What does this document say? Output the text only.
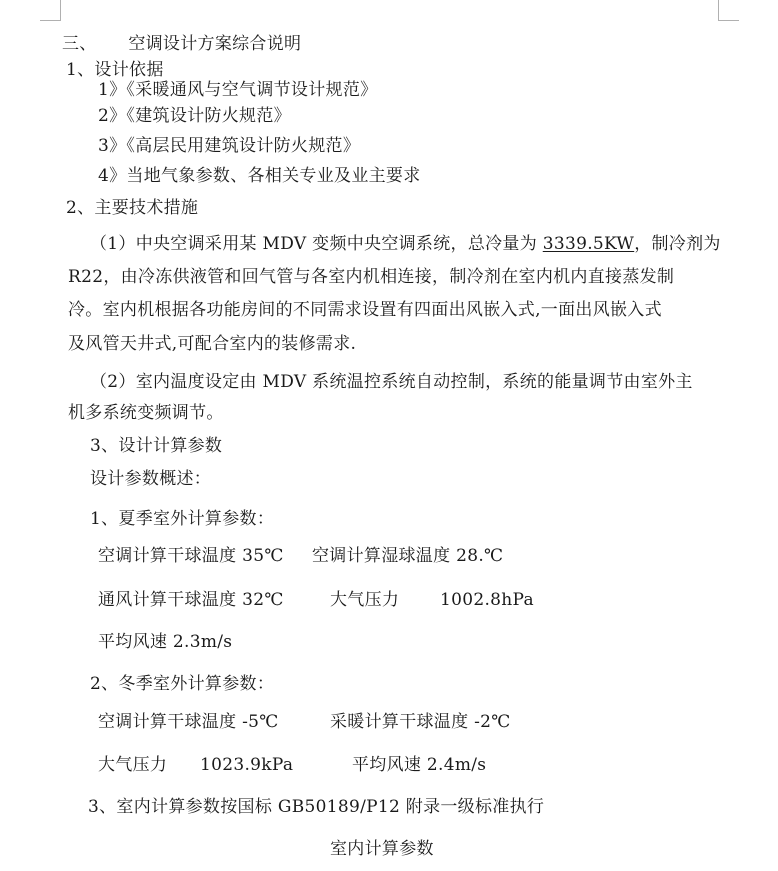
三、 空调设计方案综合说明
1、设计依据
1》《采暖通风与空气调节设计规范》
2》《建筑设计防火规范》
3》《高层民用建筑设计防火规范》
4》当地气象参数、各相关专业及业主要求
2、主要技术措施
（1）中央空调采用某 MDV 变频中央空调系统，总冷量为 3339.5KW，制冷剂为
R22，由冷冻供液管和回气管与各室内机相连接，制冷剂在室内机内直接蒸发制
冷。室内机根据各功能房间的不同需求设置有四面出风嵌入式,一面出风嵌入式
及风管天井式,可配合室内的装修需求.
（2）室内温度设定由 MDV 系统温控系统自动控制，系统的能量调节由室外主
机多系统变频调节。
3、设计计算参数
设计参数概述：
1、夏季室外计算参数：
空调计算干球温度 35℃ 空调计算湿球温度 28.℃
通风计算干球温度 32℃	大气压力 1002.8hPa
平均风速 2.3m/s
2、冬季室外计算参数：
空调计算干球温度 -5℃	采暖计算干球温度 -2℃
大气压力 1023.9kPa	平均风速 2.4m/s
3、室内计算参数按国标 GB50189/P12 附录一级标准执行
室内计算参数
